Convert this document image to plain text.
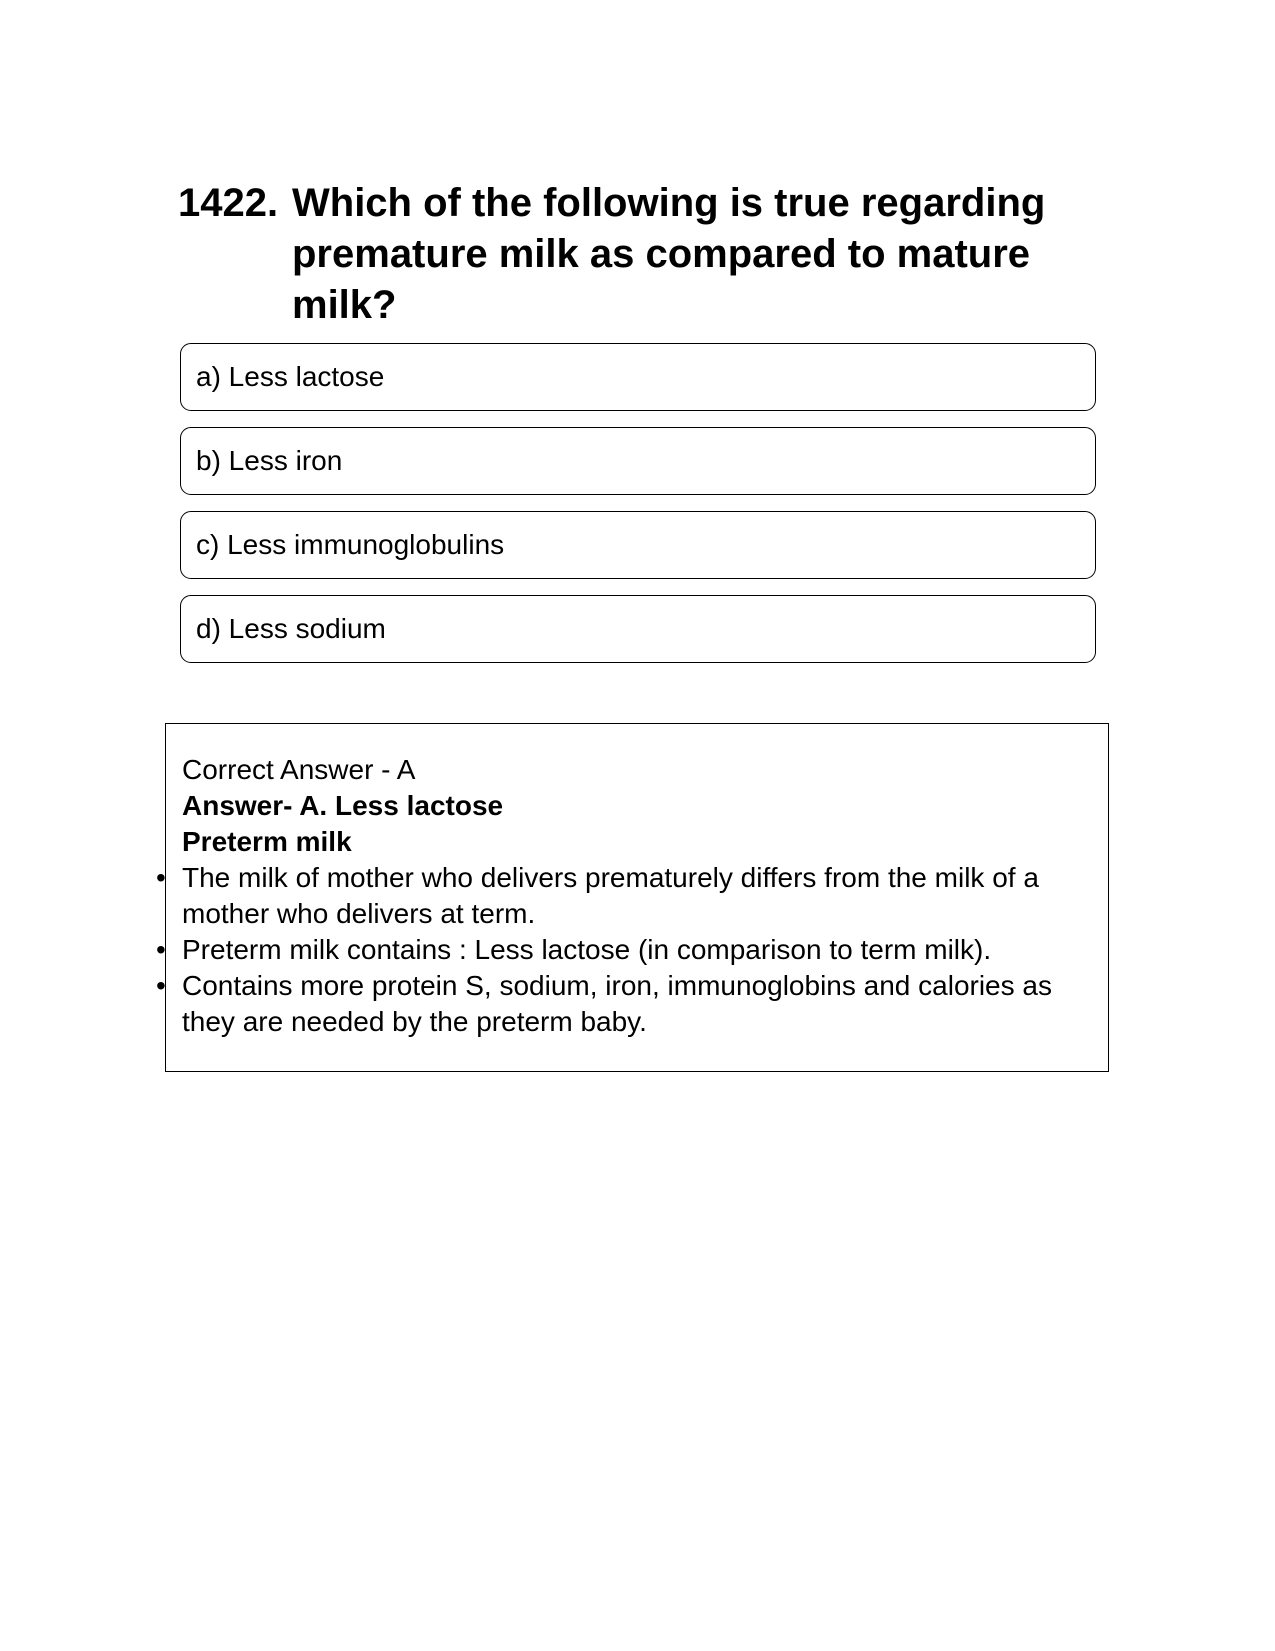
1422. Which of the following is true regarding premature milk as compared to mature milk?
a) Less lactose
b) Less iron
c) Less immunoglobulins
d) Less sodium
Correct Answer - A
Answer- A. Less lactose
Preterm milk
• The milk of mother who delivers prematurely differs from the milk of a mother who delivers at term.
• Preterm milk contains : Less lactose (in comparison to term milk).
• Contains more protein S, sodium, iron, immunoglobins and calories as they are needed by the preterm baby.
